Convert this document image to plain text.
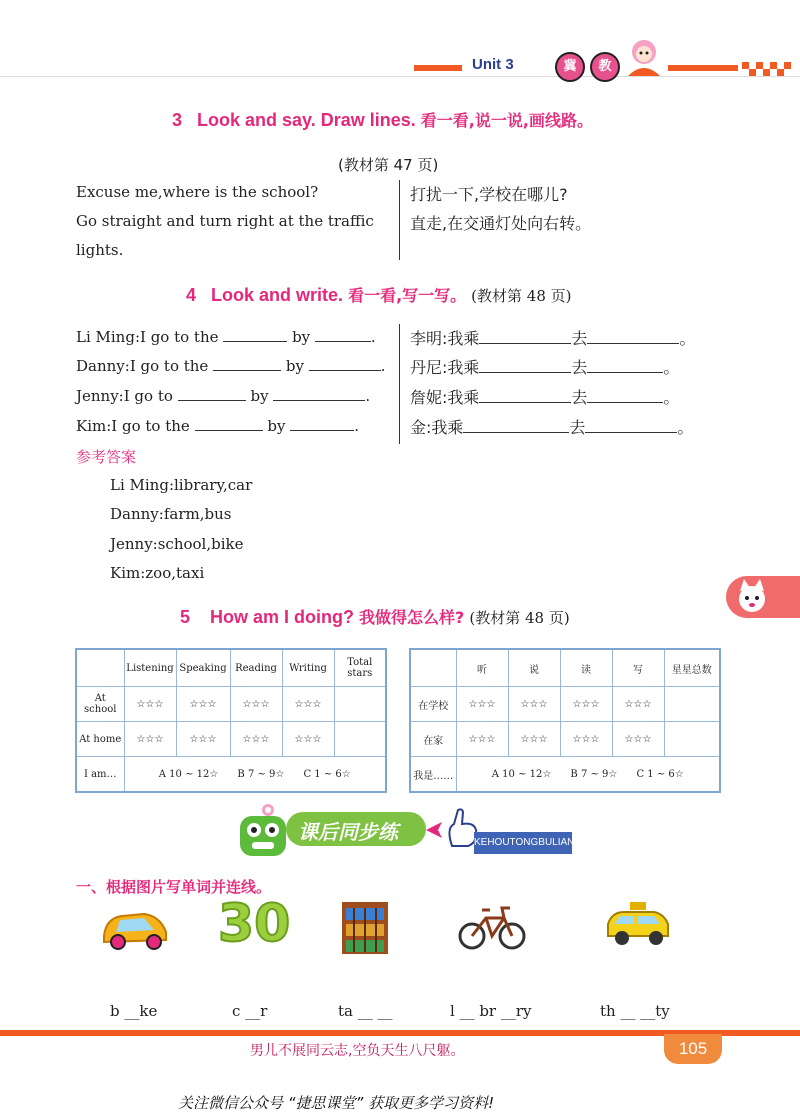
Unit 3	冀	教
3 Look and say. Draw lines. 看一看,说一说,画线路。
(教材第 47 页)
Excuse me,where is the school?
Go straight and turn right at the traffic
lights.
打扰一下,学校在哪儿?
直走,在交通灯处向右转。
4 Look and write. 看一看,写一写。 (教材第 48 页)
Li Ming:I go to the	by	.
Danny:I go to the	by	.
Jenny:I go to	by	.
Kim:I go to the	by	.
李明:我乘	去	。
丹尼:我乘	去	。
詹妮:我乘	去	。
金:我乘	去	。
参考答案
Li Ming:library,car
Danny:farm,bus
Jenny:school,bike
Kim:zoo,taxi
5 How am I doing? 我做得怎么样? (教材第 48 页)
	Listening	Speaking	Reading	Writing	Total stars
At school	☆☆☆	☆☆☆	☆☆☆	☆☆☆	
At home	☆☆☆	☆☆☆	☆☆☆	☆☆☆	
I am…	A 10 ~ 12☆ B 7 ~ 9☆ C 1 ~ 6☆				
	听	说	读	写	星星总数
在学校	☆☆☆	☆☆☆	☆☆☆	☆☆☆	
在家	☆☆☆	☆☆☆	☆☆☆	☆☆☆	
我是……	A 10 ~ 12☆ B 7 ~ 9☆ C 1 ~ 6☆				
课后同步练	KEHOUTONGBULIAN
一、根据图片写单词并连线。
30
b __ke	c __r	ta __ __	l __ br __ry	th __ __ty
男儿不展同云志,空负天生八尺躯。	105
关注微信公众号 “捷思课堂” 获取更多学习资料!
